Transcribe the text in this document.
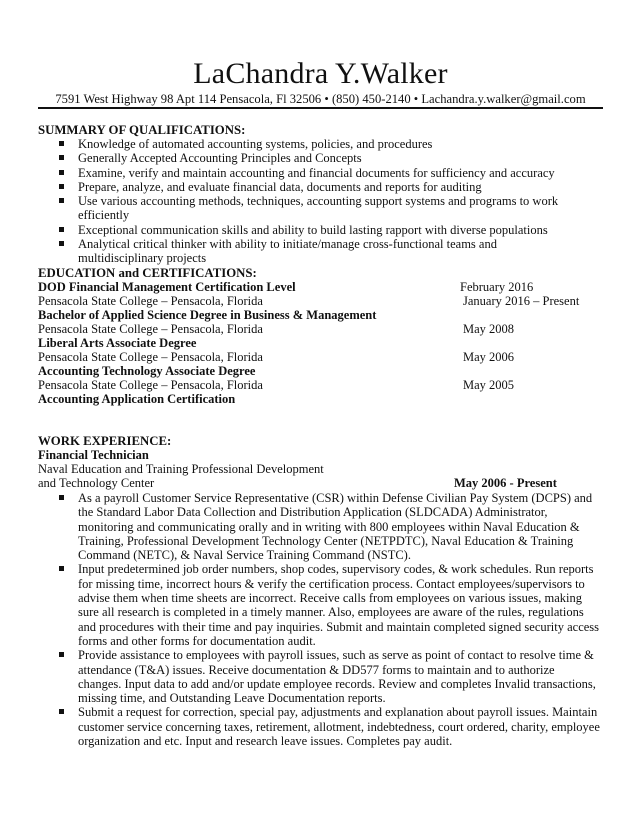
LaChandra Y.Walker
7591 West Highway 98 Apt 114 Pensacola, Fl 32506 • (850) 450-2140 • Lachandra.y.walker@gmail.com
SUMMARY OF QUALIFICATIONS:
Knowledge of automated accounting systems, policies, and procedures
Generally Accepted Accounting Principles and Concepts
Examine, verify and maintain accounting and financial documents for sufficiency and accuracy
Prepare, analyze, and evaluate financial data, documents and reports for auditing
Use various accounting methods, techniques, accounting support systems and programs to work efficiently
Exceptional communication skills and ability to build lasting rapport with diverse populations
Analytical critical thinker with ability to initiate/manage cross-functional teams and multidisciplinary projects
EDUCATION and CERTIFICATIONS:
DOD Financial Management Certification Level	February 2016
Pensacola State College – Pensacola, Florida	January 2016 – Present
Bachelor of Applied Science Degree in Business & Management
Pensacola State College – Pensacola, Florida	May 2008
Liberal Arts Associate Degree
Pensacola State College – Pensacola, Florida	May 2006
Accounting Technology Associate Degree
Pensacola State College – Pensacola, Florida	May 2005
Accounting Application Certification
WORK EXPERIENCE:
Financial Technician
Naval Education and Training Professional Development
and Technology Center	May 2006 - Present
As a payroll Customer Service Representative (CSR) within Defense Civilian Pay System (DCPS) and the Standard Labor Data Collection and Distribution Application (SLDCADA) Administrator, monitoring and communicating orally and in writing with 800 employees within Naval Education & Training, Professional Development Technology Center (NETPDTC), Naval Education & Training Command (NETC), & Naval Service Training Command (NSTC).
Input predetermined job order numbers, shop codes, supervisory codes, & work schedules. Run reports for missing time, incorrect hours & verify the certification process. Contact employees/supervisors to advise them when time sheets are incorrect. Receive calls from employees on various issues, making sure all research is completed in a timely manner. Also, employees are aware of the rules, regulations and procedures with their time and pay inquiries. Submit and maintain completed signed security access forms and other forms for documentation audit.
Provide assistance to employees with payroll issues, such as serve as point of contact to resolve time & attendance (T&A) issues. Receive documentation & DD577 forms to maintain and to authorize changes. Input data to add and/or update employee records. Review and completes Invalid transactions, missing time, and Outstanding Leave Documentation reports.
Submit a request for correction, special pay, adjustments and explanation about payroll issues. Maintain customer service concerning taxes, retirement, allotment, indebtedness, court ordered, charity, employee organization and etc. Input and research leave issues. Completes pay audit.
